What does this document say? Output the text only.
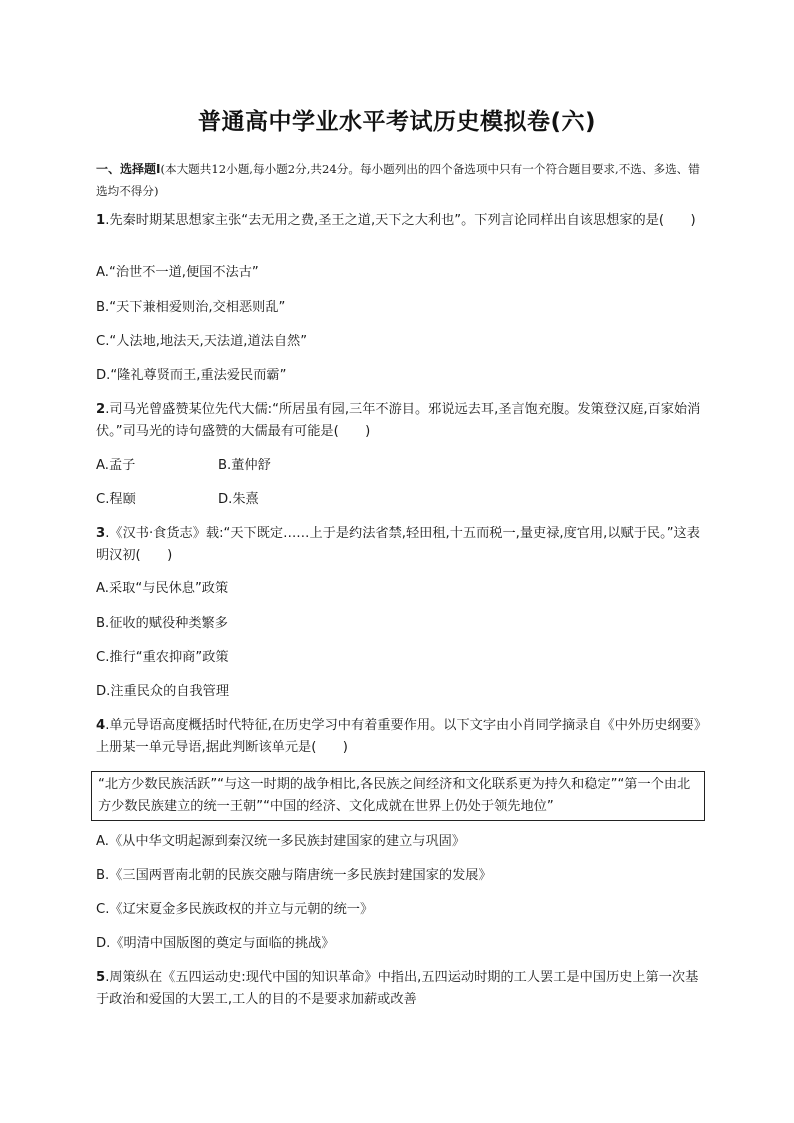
普通高中学业水平考试历史模拟卷(六)
一、选择题Ⅰ(本大题共12小题,每小题2分,共24分。每小题列出的四个备选项中只有一个符合题目要求,不选、多选、错选均不得分)
1.先秦时期某思想家主张“去无用之费,圣王之道,天下之大利也”。下列言论同样出自该思想家的是(　　)
A.“治世不一道,便国不法古”
B.“天下兼相爱则治,交相恶则乱”
C.“人法地,地法天,天法道,道法自然”
D.“隆礼尊贤而王,重法爱民而霸”
2.司马光曾盛赞某位先代大儒:“所居虽有园,三年不游目。邪说远去耳,圣言饱充腹。发策登汉庭,百家始消伏。”司马光的诗句盛赞的大儒最有可能是(　　)
A.孟子	B.董仲舒
C.程颐	D.朱熹
3.《汉书·食货志》载:“天下既定……上于是约法省禁,轻田租,十五而税一,量吏禄,度官用,以赋于民。”这表明汉初(　　)
A.采取“与民休息”政策
B.征收的赋役种类繁多
C.推行“重农抑商”政策
D.注重民众的自我管理
4.单元导语高度概括时代特征,在历史学习中有着重要作用。以下文字由小肖同学摘录自《中外历史纲要》上册某一单元导语,据此判断该单元是(　　)
“北方少数民族活跃”“与这一时期的战争相比,各民族之间经济和文化联系更为持久和稳定”“第一个由北方少数民族建立的统一王朝”“中国的经济、文化成就在世界上仍处于领先地位”
A.《从中华文明起源到秦汉统一多民族封建国家的建立与巩固》
B.《三国两晋南北朝的民族交融与隋唐统一多民族封建国家的发展》
C.《辽宋夏金多民族政权的并立与元朝的统一》
D.《明清中国版图的奠定与面临的挑战》
5.周策纵在《五四运动史:现代中国的知识革命》中指出,五四运动时期的工人罢工是中国历史上第一次基于政治和爱国的大罢工,工人的目的不是要求加薪或改善
